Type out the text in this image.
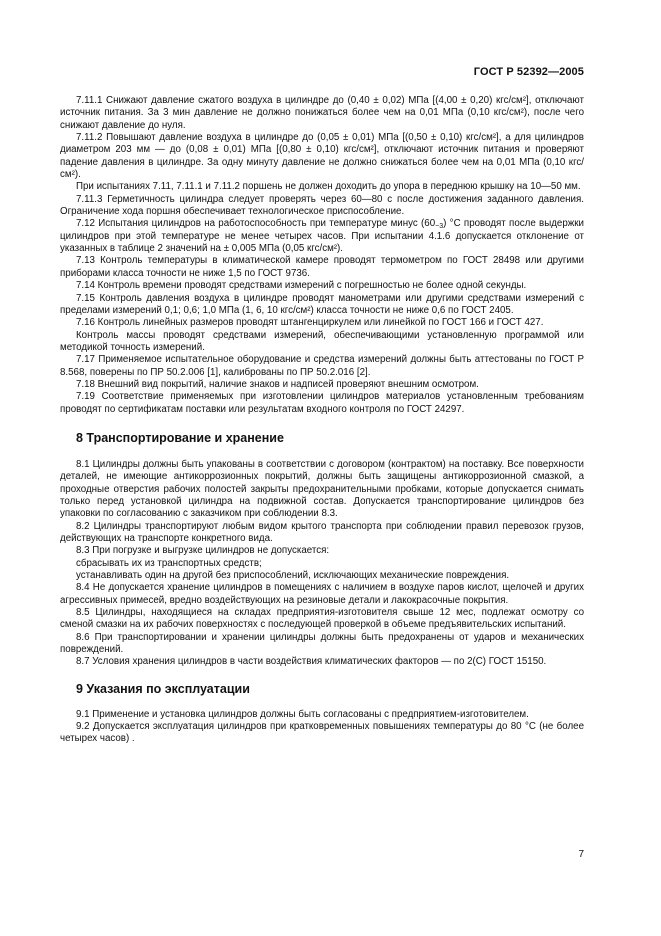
ГОСТ Р 52392—2005

7.11.1 Снижают давление сжатого воздуха в цилиндре до (0,40 ± 0,02) МПа [(4,00 ± 0,20) кгс/см²], отключают источник питания. За 3 мин давление не должно понижаться более чем на 0,01 МПа (0,10 кгс/см²), после чего снижают давление до нуля.

7.11.2 Повышают давление воздуха в цилиндре до (0,05 ± 0,01) МПа [(0,50 ± 0,10) кгс/см²], а для цилиндров диаметром 203 мм — до (0,08 ± 0,01) МПа [(0,80 ± 0,10) кгс/см²], отключают источник питания и проверяют падение давления в цилиндре. За одну минуту давление не должно снижаться более чем на 0,01 МПа (0,10 кгс/см²).

При испытаниях 7.11, 7.11.1 и 7.11.2 поршень не должен доходить до упора в переднюю крышку на 10—50 мм.

7.11.3 Герметичность цилиндра следует проверять через 60—80 с после достижения заданного давления. Ограничение хода поршня обеспечивает технологическое приспособление.

7.12 Испытания цилиндров на работоспособность при температуре минус $(60_{-3})$ °С проводят после выдержки цилиндров при этой температуре не менее четырех часов. При испытании 4.1.6 допускается отклонение от указанных в таблице 2 значений на ± 0,005 МПа (0,05 кгс/см²).

7.13 Контроль температуры в климатической камере проводят термометром по ГОСТ 28498 или другими приборами класса точности не ниже 1,5 по ГОСТ 9736.

7.14 Контроль времени проводят средствами измерений с погрешностью не более одной секунды.

7.15 Контроль давления воздуха в цилиндре проводят манометрами или другими средствами измерений с пределами измерений 0,1; 0,6; 1,0 МПа (1, 6, 10 кгс/см²) класса точности не ниже 0,6 по ГОСТ 2405.

7.16 Контроль линейных размеров проводят штангенциркулем или линейкой по ГОСТ 166 и ГОСТ 427.

Контроль массы проводят средствами измерений, обеспечивающими установленную программой или методикой точность измерений.

7.17 Применяемое испытательное оборудование и средства измерений должны быть аттестованы по ГОСТ Р 8.568, поверены по ПР 50.2.006 [1], калиброваны по ПР 50.2.016 [2].

7.18 Внешний вид покрытий, наличие знаков и надписей проверяют внешним осмотром.

7.19 Соответствие применяемых при изготовлении цилиндров материалов установленным требованиям проводят по сертификатам поставки или результатам входного контроля по ГОСТ 24297.

8 Транспортирование и хранение

8.1 Цилиндры должны быть упакованы в соответствии с договором (контрактом) на поставку. Все поверхности деталей, не имеющие антикоррозионных покрытий, должны быть защищены антикоррозионной смазкой, а проходные отверстия рабочих полостей закрыты предохранительными пробками, которые допускается снимать только перед установкой цилиндра на подвижной состав. Допускается транспортирование цилиндров без упаковки по согласованию с заказчиком при соблюдении 8.3.

8.2 Цилиндры транспортируют любым видом крытого транспорта при соблюдении правил перевозок грузов, действующих на транспорте конкретного вида.

8.3 При погрузке и выгрузке цилиндров не допускается:

сбрасывать их из транспортных средств;

устанавливать один на другой без приспособлений, исключающих механические повреждения.

8.4 Не допускается хранение цилиндров в помещениях с наличием в воздухе паров кислот, щелочей и других агрессивных примесей, вредно воздействующих на резиновые детали и лакокрасочные покрытия.

8.5 Цилиндры, находящиеся на складах предприятия-изготовителя свыше 12 мес, подлежат осмотру со сменой смазки на их рабочих поверхностях с последующей проверкой в объеме предъявительских испытаний.

8.6 При транспортировании и хранении цилиндры должны быть предохранены от ударов и механических повреждений.

8.7 Условия хранения цилиндров в части воздействия климатических факторов — по 2(С) ГОСТ 15150.

9 Указания по эксплуатации

9.1 Применение и установка цилиндров должны быть согласованы с предприятием-изготовителем.

9.2 Допускается эксплуатация цилиндров при кратковременных повышениях температуры до 80 °С (не более четырех часов) .

7
